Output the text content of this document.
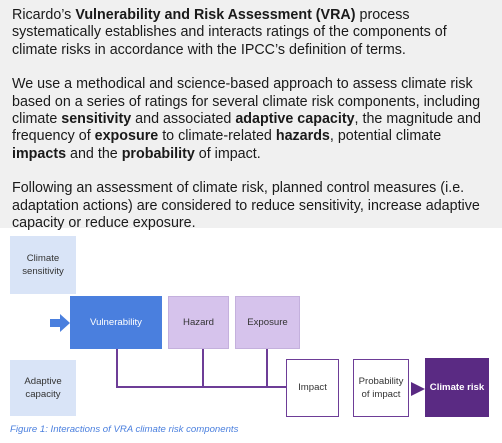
Ricardo’s Vulnerability and Risk Assessment (VRA) process systematically establishes and interacts ratings of the components of climate risks in accordance with the IPCC’s definition of terms.

We use a methodical and science-based approach to assess climate risk based on a series of ratings for several climate risk components, including climate sensitivity and associated adaptive capacity, the magnitude and frequency of exposure to climate-related hazards, potential climate impacts and the probability of impact.

Following an assessment of climate risk, planned control measures (i.e. adaptation actions) are considered to reduce sensitivity, increase adaptive capacity or reduce exposure.

Climate sensitivity
Adaptive capacity
Vulnerability	Hazard	Exposure
Impact
Probability of impact
Climate risk
Figure 1: Interactions of VRA climate risk components
